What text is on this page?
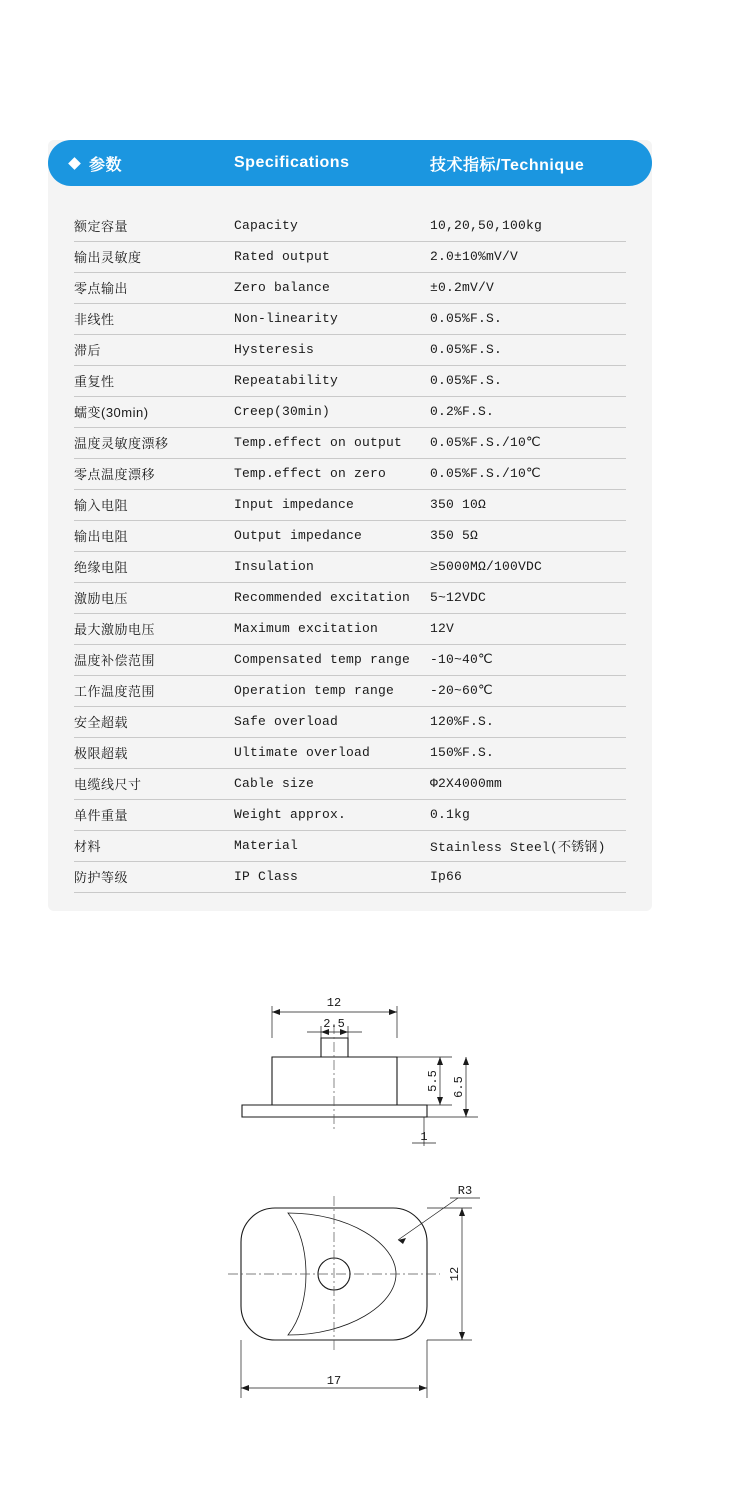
参数	Specifications	技术指标/Technique
额定容量	Capacity	10,20,50,100kg
输出灵敏度	Rated output	2.0±10%mV/V
零点输出	Zero balance	±0.2mV/V
非线性	Non-linearity	0.05%F.S.
滞后	Hysteresis	0.05%F.S.
重复性	Repeatability	0.05%F.S.
蠕变(30min)	Creep(30min)	0.2%F.S.
温度灵敏度漂移	Temp.effect on output	0.05%F.S./10℃
零点温度漂移	Temp.effect on zero	0.05%F.S./10℃
输入电阻	Input impedance	350 10Ω
输出电阻	Output impedance	350 5Ω
绝缘电阻	Insulation	≥5000MΩ/100VDC
激励电压	Recommended excitation	5~12VDC
最大激励电压	Maximum excitation	12V
温度补偿范围	Compensated temp range	-10~40℃
工作温度范围	Operation temp range	-20~60℃
安全超载	Safe overload	120%F.S.
极限超载	Ultimate overload	150%F.S.
电缆线尺寸	Cable size	Φ2X4000mm
单件重量	Weight approx.	0.1kg
材料	Material	Stainless Steel(不锈钢)
防护等级	IP Class	Ip66
12
2.5
5.5 6.5
1
R3
12
17
